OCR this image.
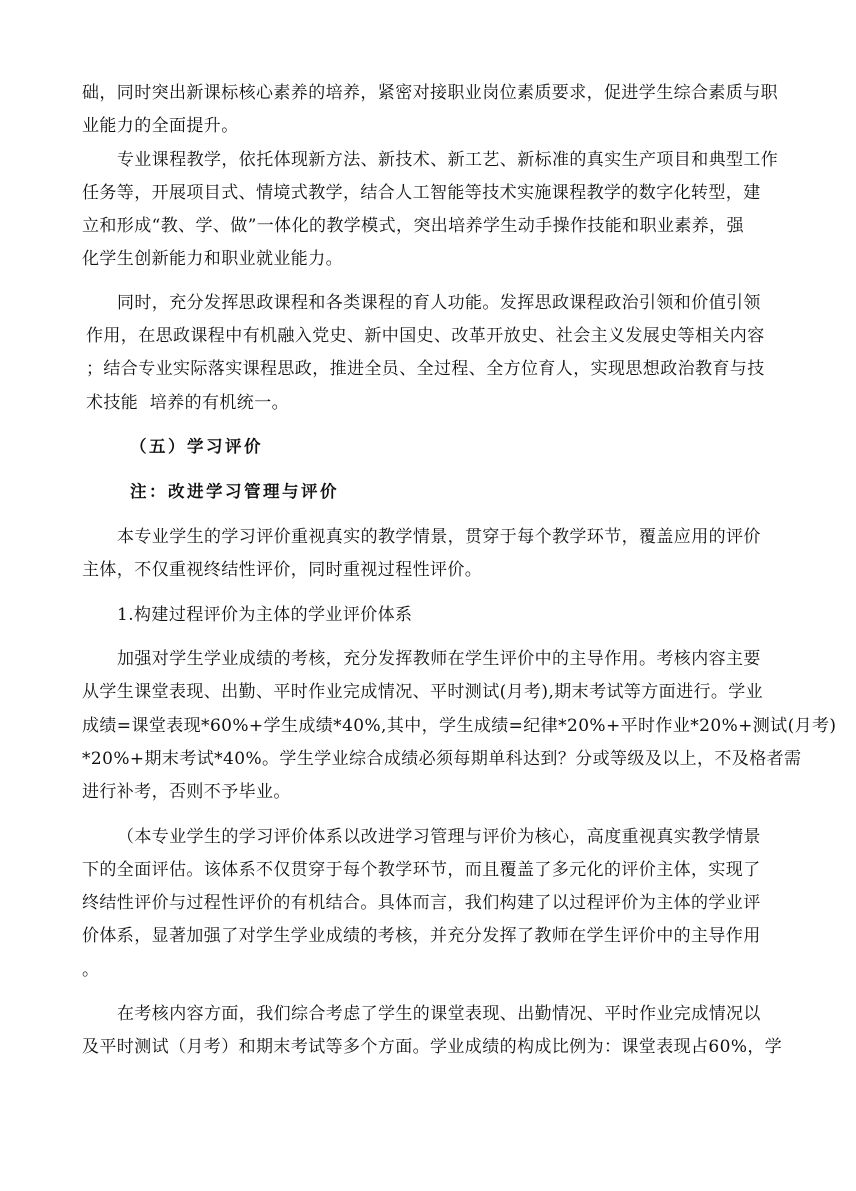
础，同时突出新课标核心素养的培养，紧密对接职业岗位素质要求，促进学生综合素质与职
业能力的全面提升。
专业课程教学，依托体现新方法、新技术、新工艺、新标准的真实生产项目和典型工作
任务等，开展项目式、情境式教学，结合人工智能等技术实施课程教学的数字化转型，建
立和形成“教、学、做”一体化的教学模式，突出培养学生动手操作技能和职业素养，强
化学生创新能力和职业就业能力。
同时，充分发挥思政课程和各类课程的育人功能。发挥思政课程政治引领和价值引领
作用，在思政课程中有机融入党史、新中国史、改革开放史、社会主义发展史等相关内容
；结合专业实际落实课程思政，推进全员、全过程、全方位育人，实现思想政治教育与技
术技能  培养的有机统一。
（五）学习评价
注：改进学习管理与评价
本专业学生的学习评价重视真实的教学情景，贯穿于每个教学环节，覆盖应用的评价
主体，不仅重视终结性评价，同时重视过程性评价。
1.构建过程评价为主体的学业评价体系
加强对学生学业成绩的考核，充分发挥教师在学生评价中的主导作用。考核内容主要
从学生课堂表现、出勤、平时作业完成情况、平时测试(月考),期末考试等方面进行。学业
成绩=课堂表现*60%+学生成绩*40%,其中，学生成绩=纪律*20%+平时作业*20%+测试(月考)
*20%+期末考试*40%。学生学业综合成绩必须每期单科达到？分或等级及以上，不及格者需
进行补考，否则不予毕业。
（本专业学生的学习评价体系以改进学习管理与评价为核心，高度重视真实教学情景
下的全面评估。该体系不仅贯穿于每个教学环节，而且覆盖了多元化的评价主体，实现了
终结性评价与过程性评价的有机结合。具体而言，我们构建了以过程评价为主体的学业评
价体系，显著加强了对学生学业成绩的考核，并充分发挥了教师在学生评价中的主导作用
。
在考核内容方面，我们综合考虑了学生的课堂表现、出勤情况、平时作业完成情况以
及平时测试（月考）和期末考试等多个方面。学业成绩的构成比例为：课堂表现占60%，学
